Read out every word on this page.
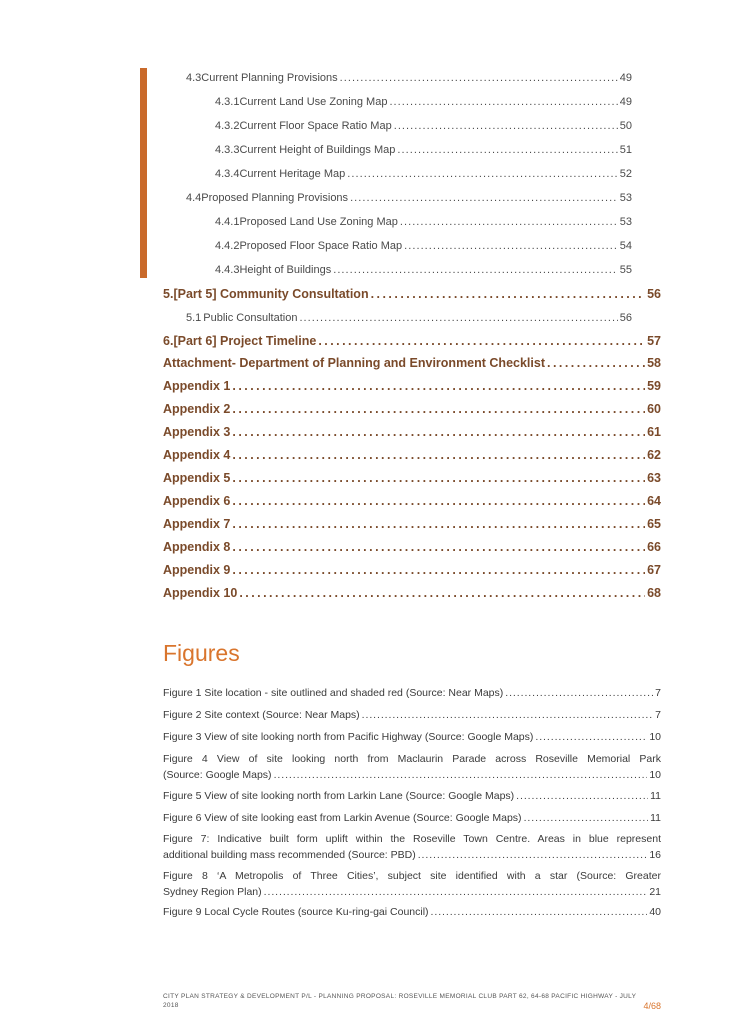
4.3 Current Planning Provisions . . .	49
4.3.1 Current Land Use Zoning Map . . .	49
4.3.2 Current Floor Space Ratio Map . . .	50
4.3.3 Current Height of Buildings Map . . .	51
4.3.4 Current Heritage Map . . .	52
4.4 Proposed Planning Provisions . . .	53
4.4.1 Proposed Land Use Zoning Map . . .	53
4.4.2 Proposed Floor Space Ratio Map . . .	54
4.4.3 Height of Buildings . . .	55
5. [Part 5] Community Consultation . . .	56
5.1 Public Consultation . . .	56
6. [Part 6] Project Timeline . . .	57
Attachment- Department of Planning and Environment Checklist . . .	58
Appendix 1 . . .	59
Appendix 2 . . .	60
Appendix 3 . . .	61
Appendix 4 . . .	62
Appendix 5 . . .	63
Appendix 6 . . .	64
Appendix 7 . . .	65
Appendix 8 . . .	66
Appendix 9 . . .	67
Appendix 10 . . .	68
Figures
Figure 1 Site location - site outlined and shaded red (Source: Near Maps) . . .	7
Figure 2 Site context (Source: Near Maps) . . .	7
Figure 3 View of site looking north from Pacific Highway (Source: Google Maps) . . .	10
Figure 4 View of site looking north from Maclaurin Parade across Roseville Memorial Park
(Source: Google Maps) . . .	10
Figure 5 View of site looking north from Larkin Lane (Source: Google Maps) . . .	11
Figure 6 View of site looking east from Larkin Avenue (Source: Google Maps) . . .	11
Figure 7: Indicative built form uplift within the Roseville Town Centre. Areas in blue represent
additional building mass recommended (Source: PBD) . . .	16
Figure 8 ‘A Metropolis of Three Cities’, subject site identified with a star (Source: Greater
Sydney Region Plan) . . .	21
Figure 9 Local Cycle Routes (source Ku-ring-gai Council) . . .	40
CITY PLAN STRATEGY & DEVELOPMENT P/L - PLANNING PROPOSAL: ROSEVILLE MEMORIAL CLUB PART 62, 64-68 PACIFIC HIGHWAY - JULY
2018	4/68
